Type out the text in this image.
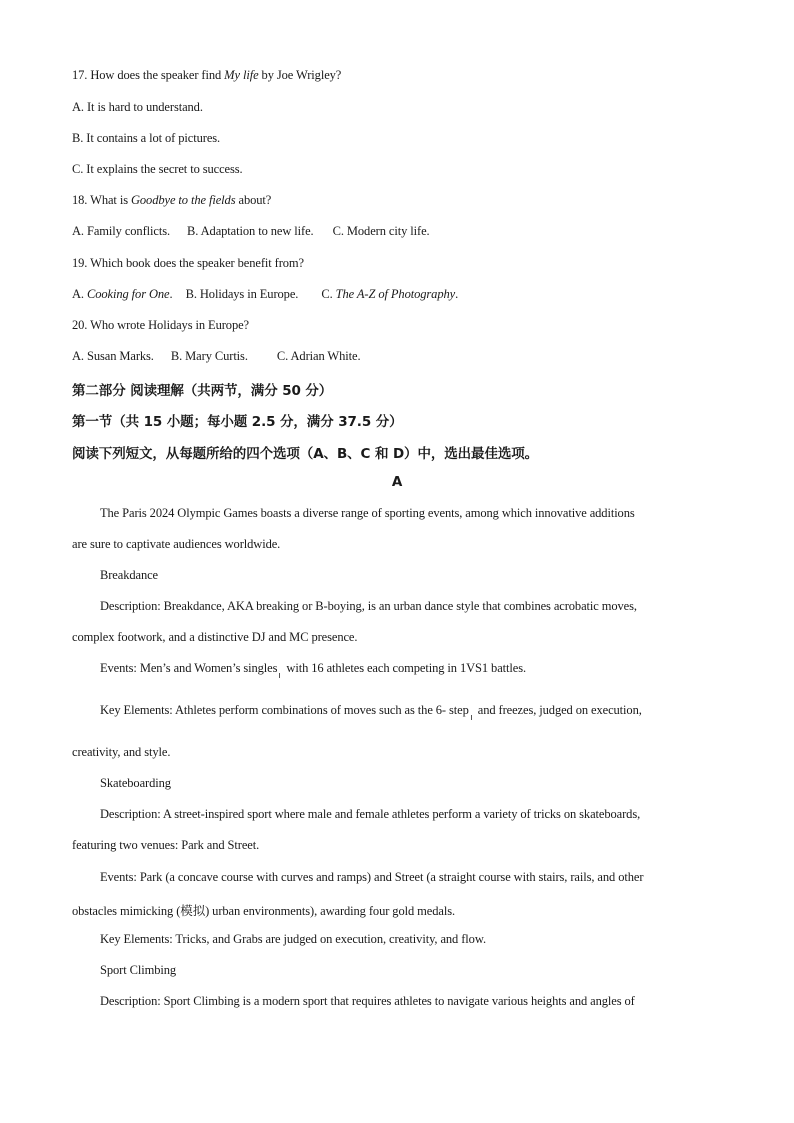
17. How does the speaker find My life by Joe Wrigley?
A. It is hard to understand.
B. It contains a lot of pictures.
C. It explains the secret to success.
18. What is Goodbye to the fields about?
A. Family conflicts. B. Adaptation to new life. C. Modern city life.
19. Which book does the speaker benefit from?
A. Cooking for One. B. Holidays in Europe. C. The A-Z of Photography.
20. Who wrote Holidays in Europe?
A. Susan Marks. B. Mary Curtis. C. Adrian White.
第二部分 阅读理解（共两节，满分 50 分）
第一节（共 15 小题；每小题 2.5 分，满分 37.5 分）
阅读下列短文，从每题所给的四个选项（A、B、C 和 D）中，选出最佳选项。
A
The Paris 2024 Olympic Games boasts a diverse range of sporting events, among which innovative additions
are sure to captivate audiences worldwide.
Breakdance
Description: Breakdance, AKA breaking or B-boying, is an urban dance style that combines acrobatic moves,
complex footwork, and a distinctive DJ and MC presence.
Events: Men’s and Women’s singles with 16 athletes each competing in 1VS1 battles.
Key Elements: Athletes perform combinations of moves such as the 6- step and freezes, judged on execution,
creativity, and style.
Skateboarding
Description: A street-inspired sport where male and female athletes perform a variety of tricks on skateboards,
featuring two venues: Park and Street.
Events: Park (a concave course with curves and ramps) and Street (a straight course with stairs, rails, and other
obstacles mimicking (模拟) urban environments), awarding four gold medals.
Key Elements: Tricks, and Grabs are judged on execution, creativity, and flow.
Sport Climbing
Description: Sport Climbing is a modern sport that requires athletes to navigate various heights and angles of
